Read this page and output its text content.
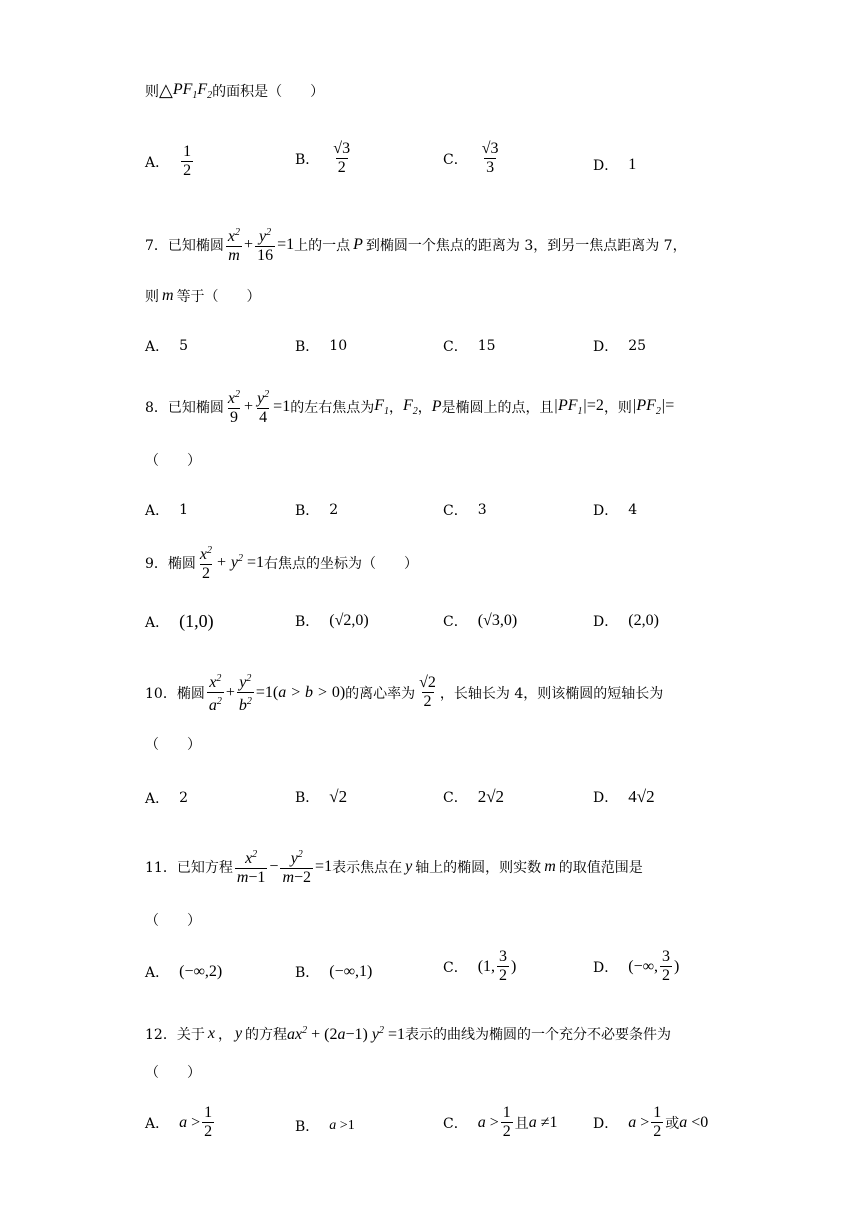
则 △ $PF_1F_2$ 的面积是（　　）
A． $\frac{1}{2}$	B． $\frac{√3}{2}$	C． $\frac{√3}{3}$	D． 1
7．已知椭圆 $\frac{x^2}{m} + \frac{y^2}{16} =1$ 上的一点 P 到椭圆一个焦点的距离为 3，到另一焦点距离为 7，
则 m 等于（　　）
A． 5	B． 10	C． 15	D． 25
8．已知椭圆 $\frac{x^2}{9} + \frac{y^2}{4} =1$ 的左右焦点为 $F_1$ ， $F_2$ ， P 是椭圆上的点，且 $|PF_1|=2$ ，则 $|PF_2|=$
（　　）
A． 1	B． 2	C． 3	D． 4
9．椭圆 $\frac{x^2}{2} + y^2 =1$ 右焦点的坐标为（　　）
A． (1,0)	B． (√2,0)	C． (√3,0)	D． (2,0)
10．椭圆 $\frac{x^2}{a^2} + \frac{y^2}{b^2} =1(a > b > 0)$ 的离心率为 $\frac{√2}{2}$ ，长轴长为 4，则该椭圆的短轴长为
（　　）
A． 2	B． √2	C． 2√2	D． 4√2
11．已知方程 $\frac{x^2}{m-1} - \frac{y^2}{m-2} =1$ 表示焦点在 y 轴上的椭圆，则实数 m 的取值范围是
（　　）
A． (−∞,2)	B． (−∞,1)	C． (1, $\frac{3}{2}$ )	D． (−∞, $\frac{3}{2}$ )
12．关于 x ， y 的方程 $ax^2 + (2a-1)$ $y^2 =1$ 表示的曲线为椭圆的一个充分不必要条件为
（　　）
A． $a > \frac{1}{2}$	B． a >1	C． $a > \frac{1}{2}$ 且 a ≠1	D． $a > \frac{1}{2}$ 或 a <0
